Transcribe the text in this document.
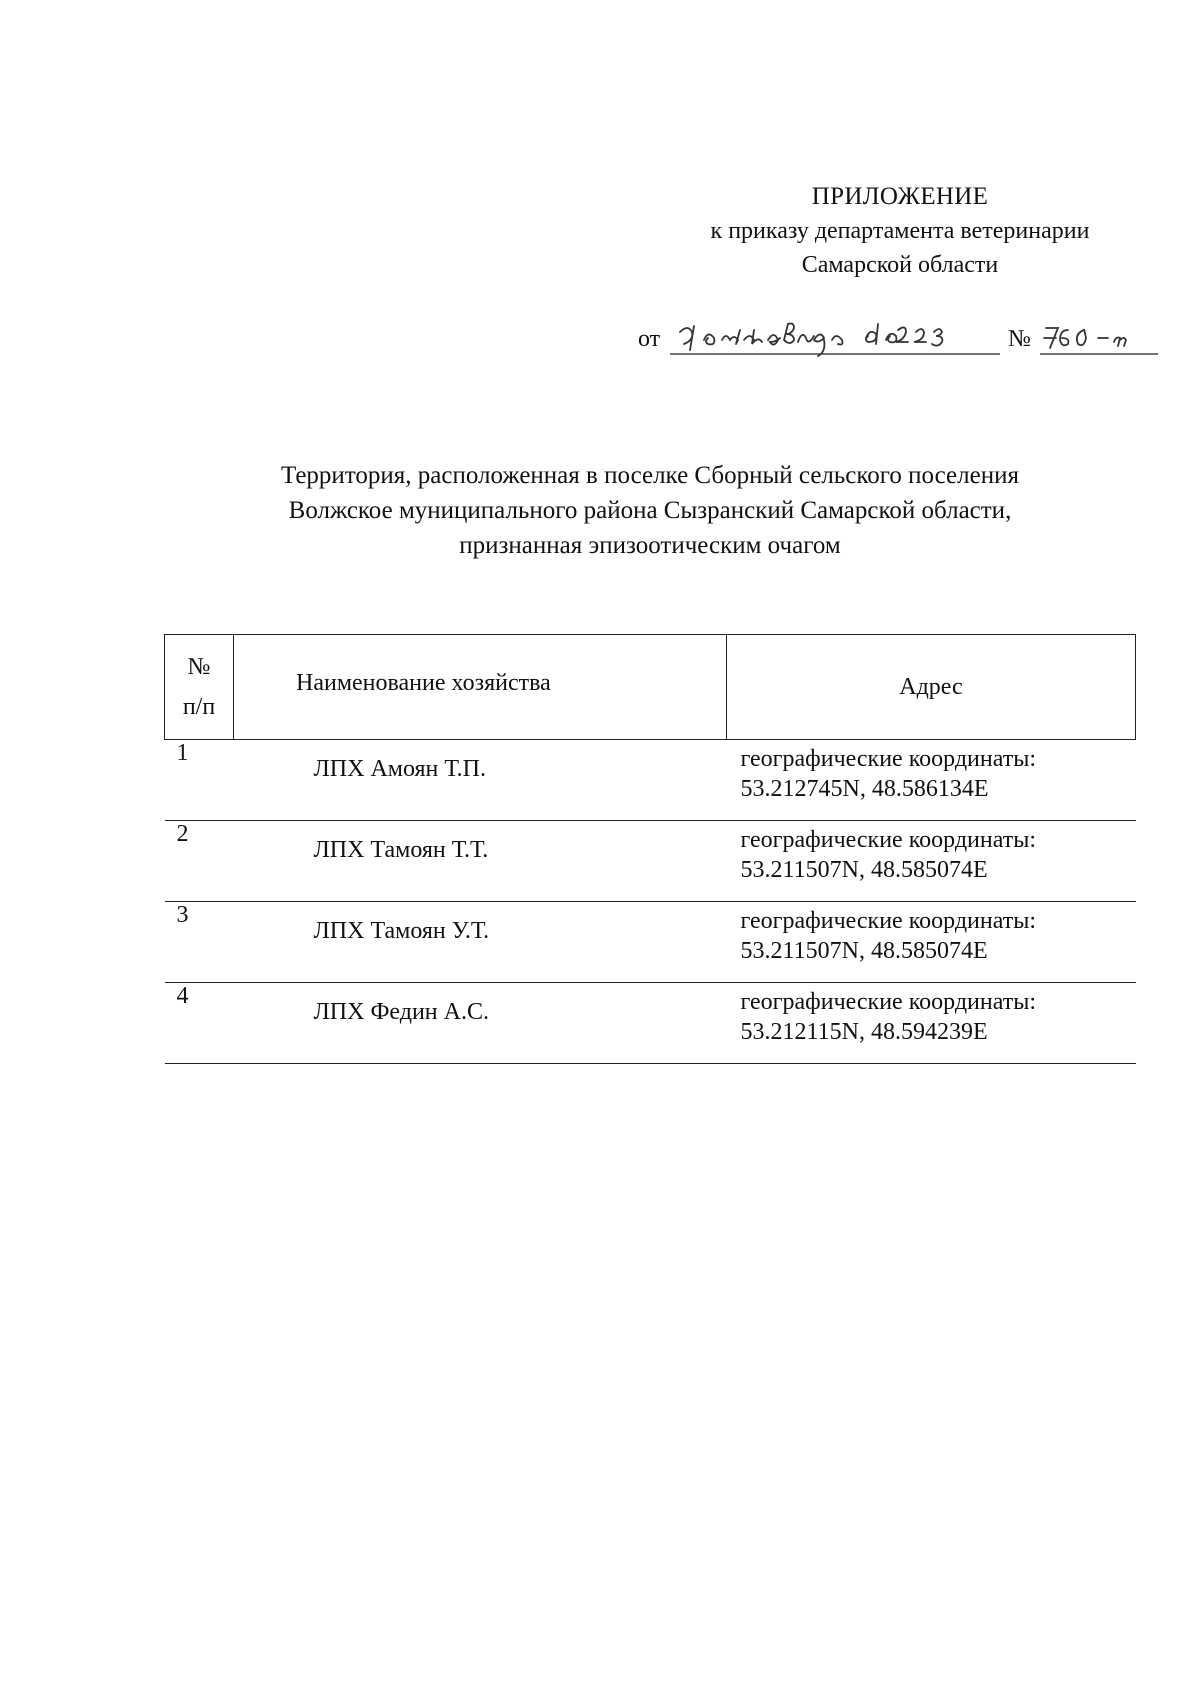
ПРИЛОЖЕНИЕ
к приказу департамента ветеринарии
Самарской области
от	№
Территория, расположенная в поселке Сборный сельского поселения
Волжское муниципального района Сызранский Самарской области,
признанная эпизоотическим очагом
№
п/п	Наименование хозяйства	Адрес
1	ЛПХ Амоян Т.П.	географические координаты:
53.212745N, 48.586134E

2	ЛПХ Тамоян Т.Т.	географические координаты:
53.211507N, 48.585074E

3	ЛПХ Тамоян У.Т.	географические координаты:
53.211507N, 48.585074E

4	ЛПХ Федин А.С.	географические координаты:
53.212115N, 48.594239E
